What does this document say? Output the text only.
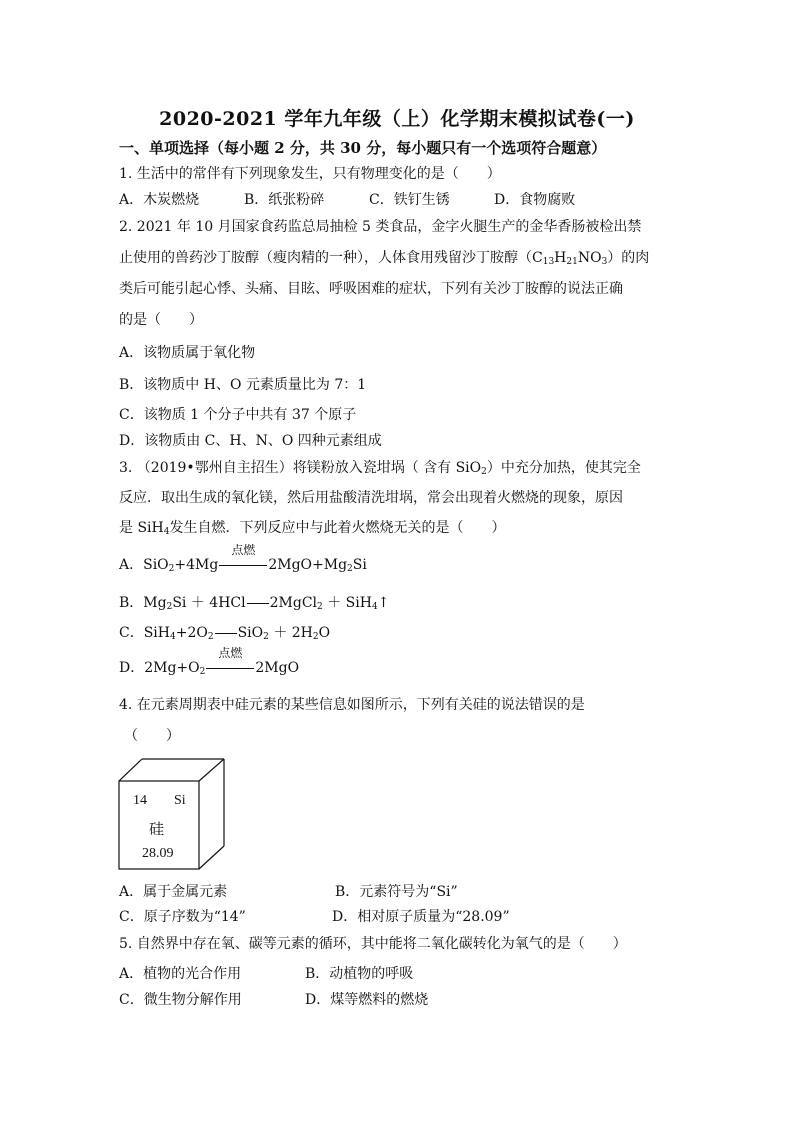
2020-2021 学年九年级（上）化学期末模拟试卷(一)
一、单项选择（每小题 2 分，共 30 分，每小题只有一个选项符合题意）
1. 生活中的常伴有下列现象发生，只有物理变化的是（　　）
A．木炭燃烧	B．纸张粉碎	C．铁钉生锈	D．食物腐败
2. 2021 年 10 月国家食药监总局抽检 5 类食品，金字火腿生产的金华香肠被检出禁
止使用的兽药沙丁胺醇（瘦肉精的一种），人体食用残留沙丁胺醇$(C_{13}H_{21}NO_3)$的肉
类后可能引起心悸、头痛、目眩、呼吸困难的症状，下列有关沙丁胺醇的说法正确
的是（　　）
A．该物质属于氧化物
B．该物质中 H、O 元素质量比为 7：1
C．该物质 1 个分子中共有 37 个原子
D．该物质由 C、H、N、O 四种元素组成
3. （2019•鄂州自主招生）将镁粉放入瓷坩埚（ 含有 SiO$_2$）中充分加热，使其完全
反应．取出生成的氧化镁，然后用盐酸清洗坩埚，常会出现着火燃烧的现象，原因
是 SiH$_4$发生自燃．下列反应中与此着火燃烧无关的是（　　）
A．SiO$_2$+4Mg
点燃
$2MgO+Mg_2Si$
B．$Mg_2Si + 4HCl$ 2MgCl$_2$ ＋ SiH$_4$↑
C．$SiH_4+2O_2$ $SiO_2 + 2H_2O$
D．$2Mg+O_2$
点燃
2MgO
4. 在元素周期表中硅元素的某些信息如图所示，下列有关硅的说法错误的是
（　　）
14 Si
硅
28.09
A．属于金属元素	B．元素符号为“Si”
C．原子序数为“14”	D．相对原子质量为“28.09”
5. 自然界中存在氧、碳等元素的循环，其中能将二氧化碳转化为氧气的是（　　）
A．植物的光合作用	B．动植物的呼吸
C．微生物分解作用	D．煤等燃料的燃烧
